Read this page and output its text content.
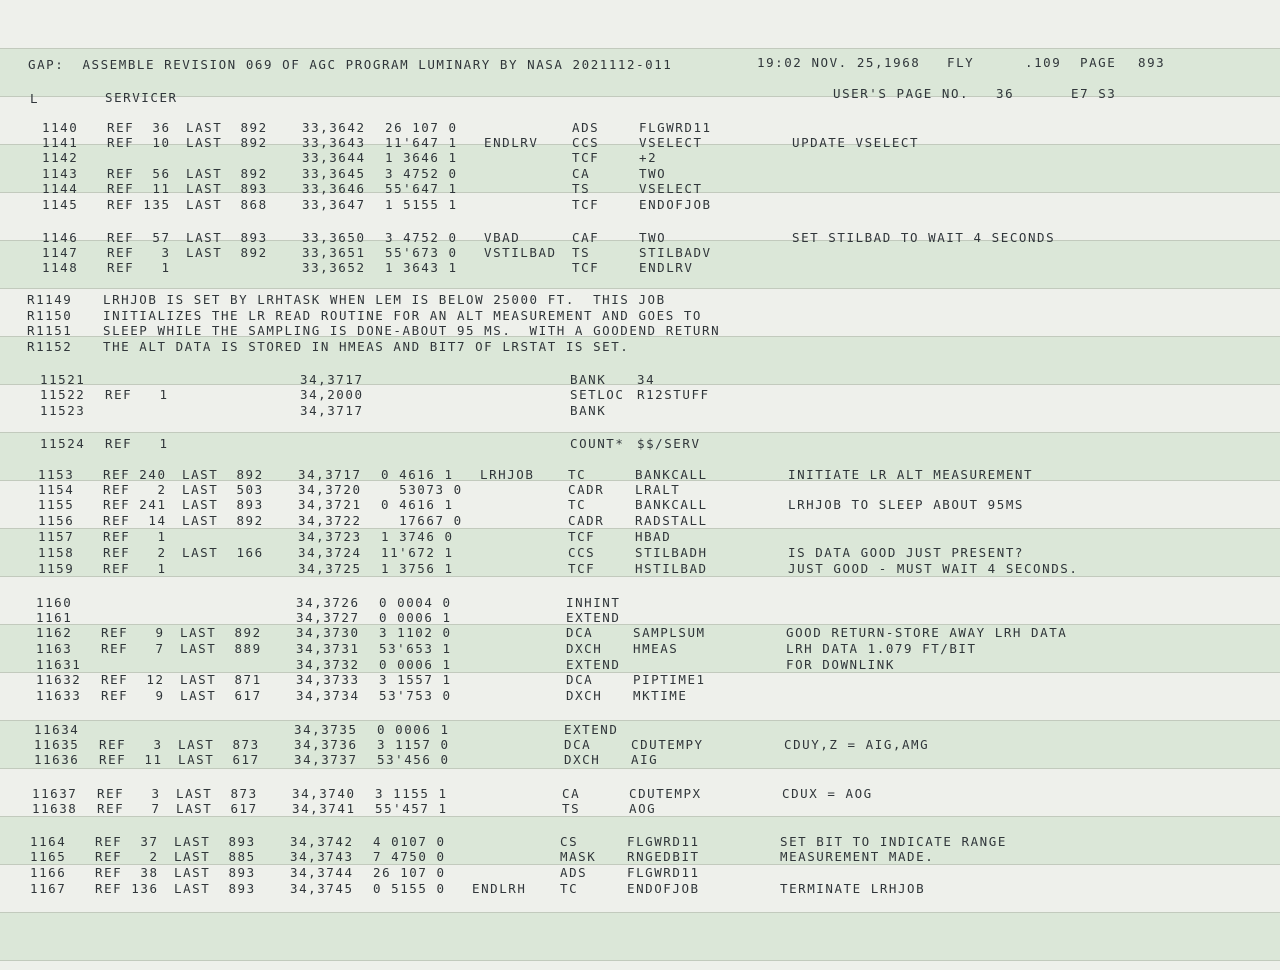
GAP:  ASSEMBLE REVISION 069 OF AGC PROGRAM LUMINARY BY NASA 2021112-011	19:02 NOV. 25,1968 FLY	.109 PAGE 893
L	SERVICER	USER'S PAGE NO. 36	E7 S3
1140 REF  36 LAST  892	33,3642 26 107 0	ADS	FLGWRD11
1141 REF  10 LAST  892	33,3643 11'647 1 ENDLRV	CCS	VSELECT	UPDATE VSELECT
1142	33,3644 1 3646 1	TCF	+2
1143 REF  56 LAST  892	33,3645 3 4752 0	CA	TWO
1144 REF  11 LAST  893	33,3646 55'647 1	TS	VSELECT
1145 REF 135 LAST  868	33,3647 1 5155 1	TCF	ENDOFJOB
1146 REF  57 LAST  893	33,3650 3 4752 0 VBAD	CAF	TWO	SET STILBAD TO WAIT 4 SECONDS
1147 REF   3 LAST  892	33,3651 55'673 0 VSTILBAD TS	STILBADV
1148 REF   1	33,3652 1 3643 1	TCF	ENDLRV
11521	34,3717	BANK 34
11522 REF   1	34,2000	SETLOC R12STUFF
11523	34,3717	BANK
11524 REF   1	COUNT* $$/SERV
1153 REF 240 LAST  892	34,3717 0 4616 1 LRHJOB	TC	BANKCALL	INITIATE LR ALT MEASUREMENT
1154 REF   2 LAST  503	34,3720 53073 0	CADR LRALT
1155 REF 241 LAST  893	34,3721 0 4616 1	TC	BANKCALL	LRHJOB TO SLEEP ABOUT 95MS
1156 REF  14 LAST  892	34,3722 17667 0	CADR RADSTALL
1157 REF   1	34,3723 1 3746 0	TCF	HBAD
1158 REF   2 LAST  166	34,3724 11'672 1	CCS	STILBADH	IS DATA GOOD JUST PRESENT?
1159 REF   1	34,3725 1 3756 1	TCF	HSTILBAD	JUST GOOD - MUST WAIT 4 SECONDS.
1160	34,3726 0 0004 0	INHINT
1161	34,3727 0 0006 1	EXTEND
1162 REF   9 LAST  892	34,3730 3 1102 0	DCA	SAMPLSUM	GOOD RETURN-STORE AWAY LRH DATA
1163 REF   7 LAST  889	34,3731 53'653 1	DXCH HMEAS	LRH DATA 1.079 FT/BIT
11631	34,3732 0 0006 1	EXTEND	FOR DOWNLINK
11632 REF  12 LAST  871	34,3733 3 1557 1	DCA	PIPTIME1
11633 REF   9 LAST  617	34,3734 53'753 0	DXCH MKTIME
11634	34,3735 0 0006 1	EXTEND
11635 REF   3 LAST  873	34,3736 3 1157 0	DCA	CDUTEMPY	CDUY,Z = AIG,AMG
11636 REF  11 LAST  617	34,3737 53'456 0	DXCH AIG
11637 REF   3 LAST  873	34,3740 3 1155 1	CA	CDUTEMPX	CDUX = AOG
11638 REF   7 LAST  617	34,3741 55'457 1	TS	AOG
1164 REF  37 LAST  893	34,3742 4 0107 0	CS	FLGWRD11	SET BIT TO INDICATE RANGE
1165 REF   2 LAST  885	34,3743 7 4750 0	MASK RNGEDBIT	MEASUREMENT MADE.
1166 REF  38 LAST  893	34,3744 26 107 0	ADS	FLGWRD11
1167 REF 136 LAST  893	34,3745 0 5155 0 ENDLRH	TC	ENDOFJOB	TERMINATE LRHJOB
R1149 LRHJOB IS SET BY LRHTASK WHEN LEM IS BELOW 25000 FT.  THIS JOB
R1150 INITIALIZES THE LR READ ROUTINE FOR AN ALT MEASUREMENT AND GOES TO
R1151 SLEEP WHILE THE SAMPLING IS DONE-ABOUT 95 MS.  WITH A GOODEND RETURN
R1152 THE ALT DATA IS STORED IN HMEAS AND BIT7 OF LRSTAT IS SET.
